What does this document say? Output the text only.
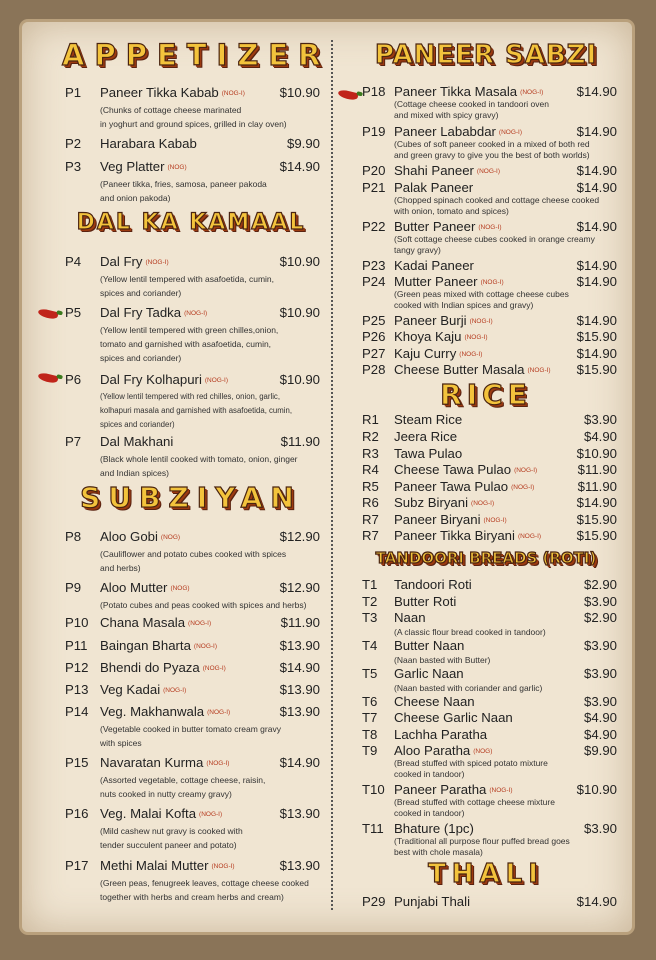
APPETIZER
P1 Paneer Tikka Kabab (NOG-I)	$10.90
(Chunks of cottage cheese marinated
in yoghurt and ground spices, grilled in clay oven)
P2 Harabara Kabab	$9.90
P3 Veg Platter (NOG)	$14.90
(Paneer tikka, fries, samosa, paneer pakoda
and onion pakoda)
DAL KA KAMAAL
P4 Dal Fry (NOG-I)	$10.90
(Yellow lentil tempered with asafoetida, cumin,
spices and coriander)
P5 Dal Fry Tadka (NOG-I)	$10.90
(Yellow lentil tempered with green chilles,onion,
tomato and garnished with asafoetida, cumin,
spices and coriander)
P6 Dal Fry Kolhapuri (NOG-I)	$10.90
(Yellow lentil tempered with red chilles, onion, garlic,
kolhapuri masala and garnished with asafoetida, cumin,
spices and coriander)
P7 Dal Makhani	$11.90
(Black whole lentil cooked with tomato, onion, ginger
and Indian spices)
SUBZIYAN
P8 Aloo Gobi (NOG)	$12.90
(Cauliflower and potato cubes cooked with spices
and herbs)
P9 Aloo Mutter (NOG)	$12.90
(Potato cubes and peas cooked with spices and herbs)
P10 Chana Masala (NOG-I)	$11.90
P11 Baingan Bharta (NOG-I)	$13.90
P12 Bhendi do Pyaza (NOG-I)	$14.90
P13 Veg Kadai (NOG-I)	$13.90
P14 Veg. Makhanwala (NOG-I)	$13.90
(Vegetable cooked in butter tomato cream gravy
with spices
P15 Navaratan Kurma (NOG-I)	$14.90
(Assorted vegetable, cottage cheese, raisin,
nuts cooked in nutty creamy gravy)
P16 Veg. Malai Kofta (NOG-I)	$13.90
(Mild cashew nut gravy is cooked with
tender succulent paneer and potato)
P17 Methi Malai Mutter (NOG-I)	$13.90
(Green peas, fenugreek leaves, cottage cheese cooked
together with herbs and cream herbs and cream)
PANEER SABZI
P18 Paneer Tikka Masala (NOG-I)	$14.90
(Cottage cheese cooked in tandoori oven
and mixed with spicy gravy)
P19 Paneer Lababdar (NOG-I)	$14.90
(Cubes of soft paneer cooked in a mixed of both red
and green gravy to give you the best of both worlds)
P20 Shahi Paneer (NOG-I)	$14.90
P21 Palak Paneer	$14.90
(Chopped spinach cooked and cottage cheese cooked
with onion, tomato and spices)
P22 Butter Paneer (NOG-I)	$14.90
(Soft cottage cheese cubes cooked in orange creamy
tangy gravy)
P23 Kadai Paneer	$14.90
P24 Mutter Paneer (NOG-I)	$14.90
(Green peas mixed with cottage cheese cubes
cooked with Indian spices and gravy)
P25 Paneer Burji (NOG-I)	$14.90
P26 Khoya Kaju (NOG-I)	$15.90
P27 Kaju Curry (NOG-I)	$14.90
P28 Cheese Butter Masala (NOG-I) $15.90
RICE
R1 Steam Rice	$3.90
R2 Jeera Rice	$4.90
R3 Tawa Pulao	$10.90
R4 Cheese Tawa Pulao (NOG-I)	$11.90
R5 Paneer Tawa Pulao (NOG-I)	$11.90
R6 Subz Biryani (NOG-I)	$14.90
R7 Paneer Biryani (NOG-I)	$15.90
R7 Paneer Tikka Biryani (NOG-I)	$15.90
TANDOORI BREADS (ROTI)
T1 Tandoori Roti	$2.90
T2 Butter Roti	$3.90
T3 Naan	$2.90
(A classic flour bread cooked in tandoor)
T4 Butter Naan	$3.90
(Naan basted with Butter)
T5 Garlic Naan	$3.90
(Naan basted with coriander and garlic)
T6 Cheese Naan	$3.90
T7 Cheese Garlic Naan	$4.90
T8 Lachha Paratha	$4.90
T9 Aloo Paratha (NOG)	$9.90
(Bread stuffed with spiced potato mixture
cooked in tandoor)
T10 Paneer Paratha (NOG-I)	$10.90
(Bread stuffed with cottage cheese mixture
cooked in tandoor)
T11 Bhature (1pc)	$3.90
(Traditional all purpose flour puffed bread goes
best with chole masala)
THALI
P29 Punjabi Thali	$14.90
